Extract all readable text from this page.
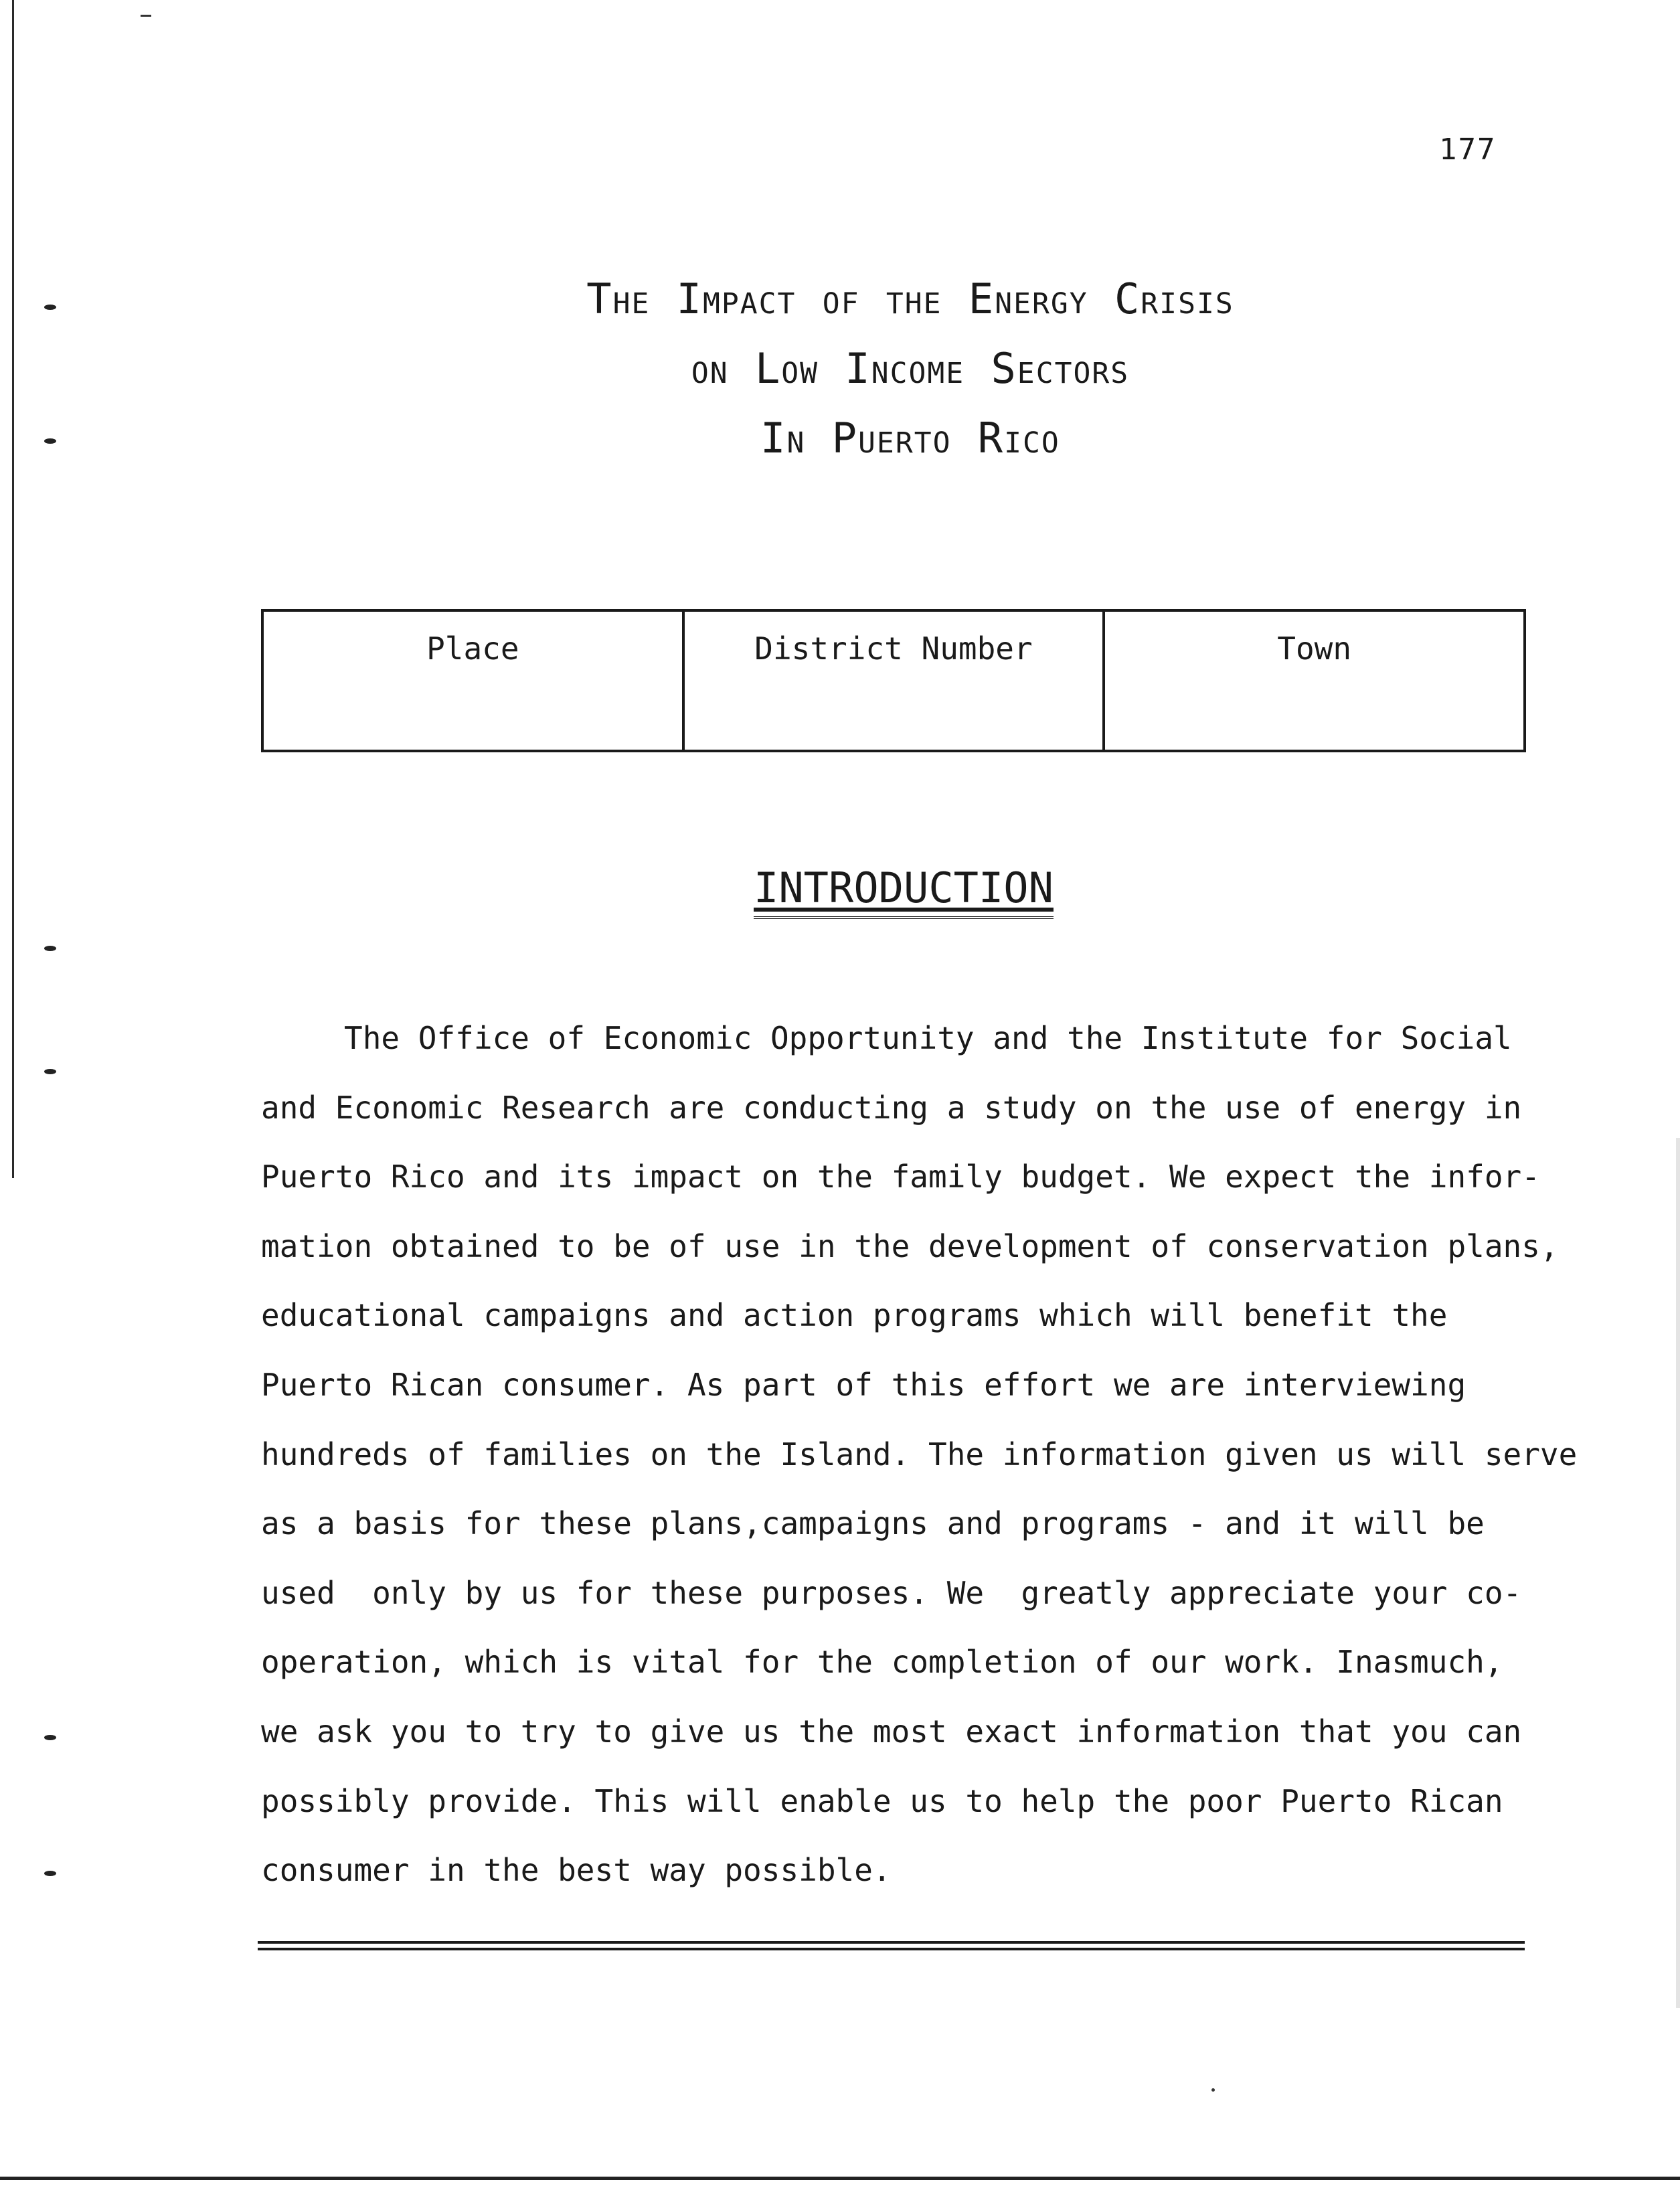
177
The Impact of the Energy Crisis
on Low Income Sectors
In Puerto Rico
Place	District Number	Town
INTRODUCTION
The Office of Economic Opportunity and the Institute for Social
and Economic Research are conducting a study on the use of energy in
Puerto Rico and its impact on the family budget. We expect the infor-
mation obtained to be of use in the development of conservation plans,
educational campaigns and action programs which will benefit the
Puerto Rican consumer. As part of this effort we are interviewing
hundreds of families on the Island. The information given us will serve
as a basis for these plans,campaigns and programs - and it will be
used  only by us for these purposes. We  greatly appreciate your co-
operation, which is vital for the completion of our work. Inasmuch,
we ask you to try to give us the most exact information that you can
possibly provide. This will enable us to help the poor Puerto Rican
consumer in the best way possible.
